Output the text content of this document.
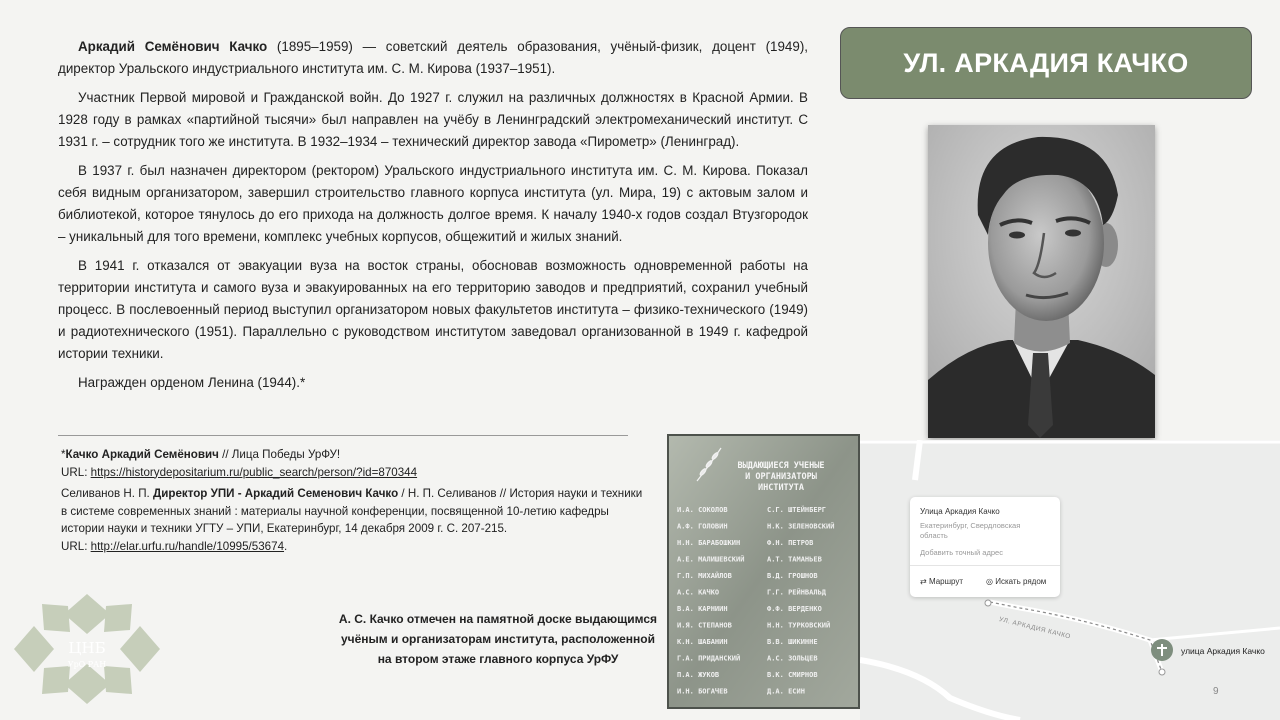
Аркадий Семёнович Качко (1895–1959) — советский деятель образования, учёный-физик, доцент (1949), директор Уральского индустриального института им. С. М. Кирова (1937–1951).

Участник Первой мировой и Гражданской войн. До 1927 г. служил на различных должностях в Красной Армии. В 1928 году в рамках «партийной тысячи» был направлен на учёбу в Ленинградский электромеханический институт. С 1931 г. – сотрудник того же института. В 1932–1934 – технический директор завода «Пирометр» (Ленинград).

В 1937 г. был назначен директором (ректором) Уральского индустриального института им. С. М. Кирова. Показал себя видным организатором, завершил строительство главного корпуса института (ул. Мира, 19) с актовым залом и библиотекой, которое тянулось до его прихода на должность долгое время. К началу 1940-х годов создал Втузгородок – уникальный для того времени, комплекс учебных корпусов, общежитий и жилых знаний.

В 1941 г. отказался от эвакуации вуза на восток страны, обосновав возможность одновременной работы на территории института и самого вуза и эвакуированных на его территорию заводов и предприятий, сохранил учебный процесс. В послевоенный период выступил организатором новых факультетов института – физико-технического (1949) и радиотехнического (1951). Параллельно с руководством институтом заведовал организованной в 1949 г. кафедрой истории техники.

Награжден орденом Ленина (1944).*

УЛ. АРКАДИЯ КАЧКО

*Качко Аркадий Семёнович // Лица Победы УрФУ!
URL: https://historydepositarium.ru/public_search/person/?id=870344

Селиванов Н. П. Директор УПИ - Аркадий Семенович Качко / Н. П. Селиванов // История науки и техники в системе современных знаний : материалы научной конференции, посвященной 10-летию кафедры истории науки и техники УГТУ – УПИ, Екатеринбург, 14 декабря 2009 г. С. 207-215.
URL: http://elar.urfu.ru/handle/10995/53674.

ЦНБ
УрО РАН
А. С. Качко отмечен на памятной доске выдающимся учёным и организаторам института, расположенной на втором этаже главного корпуса УрФУ
ВЫДАЮЩИЕСЯ УЧЕНЫЕ
И ОРГАНИЗАТОРЫ
ИНСТИТУТА
И.А. СОКОЛОВ
А.Ф. ГОЛОВИН
Н.Н. БАРАБОШКИН
А.Е. МАЛИШЕВСКИЙ
Г.П. МИХАЙЛОВ
А.С. КАЧКО
В.А. КАРНИИН
И.Я. СТЕПАНОВ
К.Н. ШАБАНИН
Г.А. ПРИДАНСКИЙ
П.А. ЖУКОВ
И.Н. БОГАЧЕВ
С.Г. ШТЕЙНБЕРГ
Н.К. ЗЕЛЕНОВСКИЙ
Ф.Н. ПЕТРОВ
А.Т. ТАМАНЬЕВ
В.Д. ГРОШНОВ
Г.Г. РЕЙНВАЛЬД
Ф.Ф. ВЕРДЕНКО
Н.Н. ТУРКОВСКИЙ
В.В. ШИКИННЕ
А.С. ЗОЛЬЦЕВ
В.К. СМИРНОВ
Д.А. ЕСИН
УЛ. АРКАДИЯ КАЧКО
Улица Аркадия Качко
Екатеринбург, Свердловская область
Добавить точный адрес
⇄ Маршрут	◎ Искать рядом
улица Аркадия Качко
9
